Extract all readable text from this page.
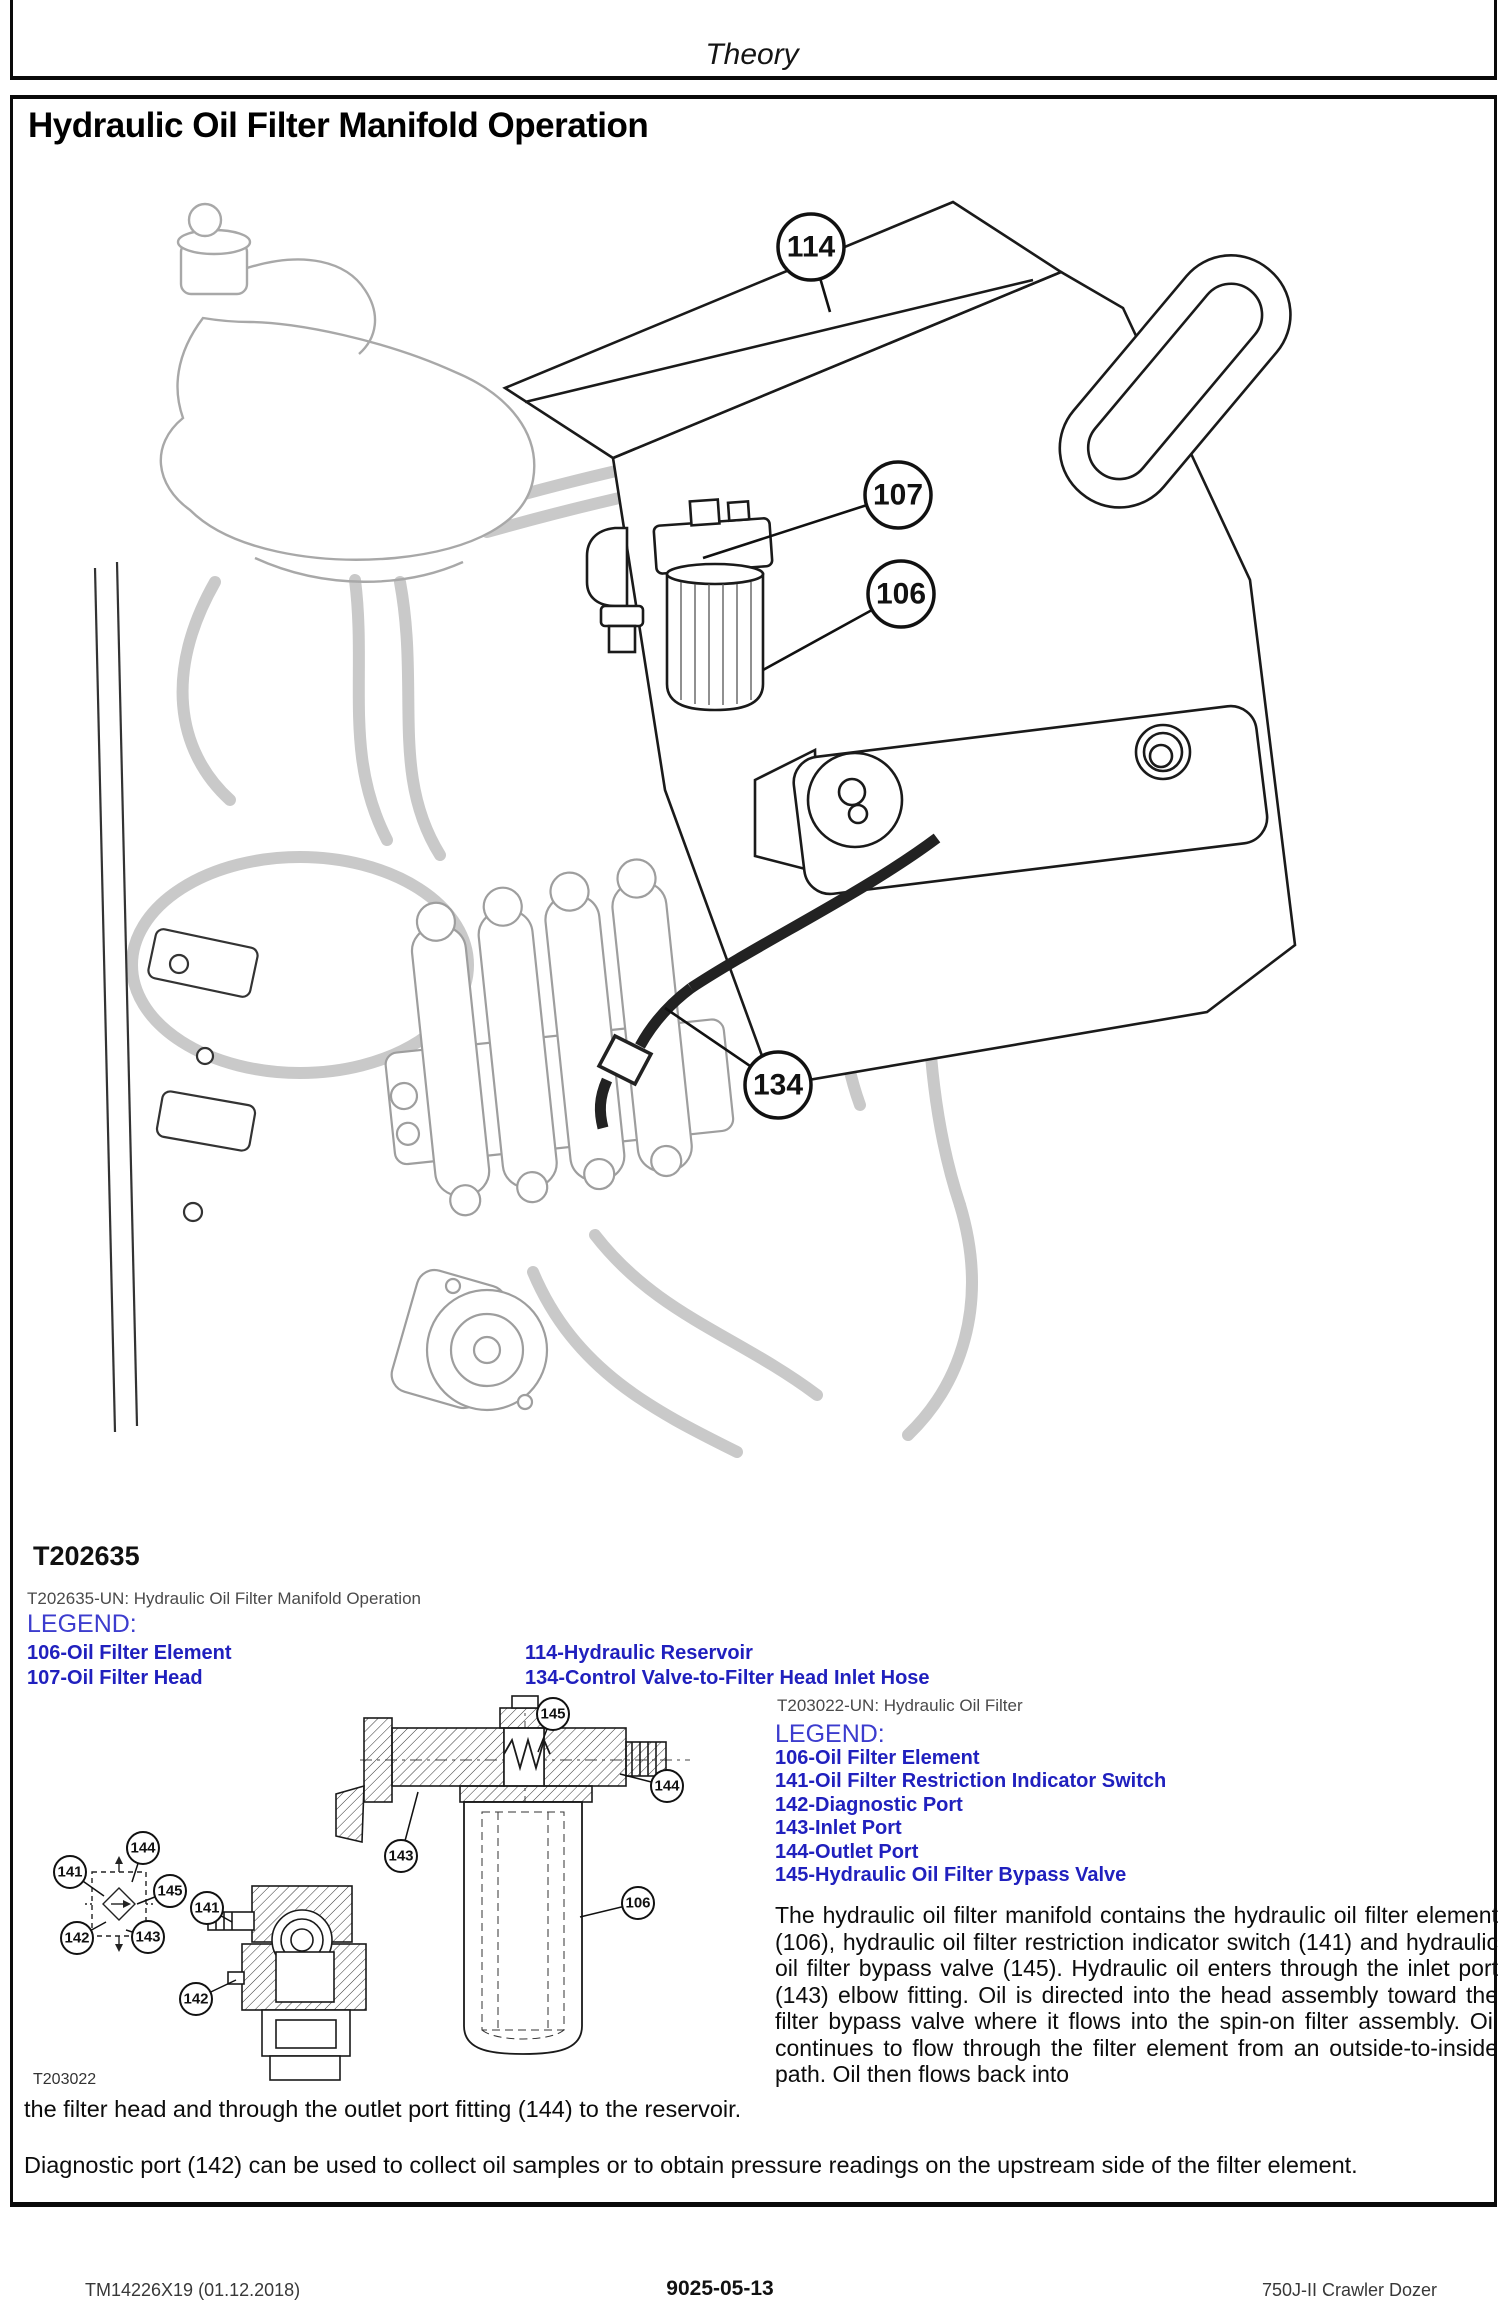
Theory
Hydraulic Oil Filter Manifold Operation
114
107
106
134
145
144
143
106
144
141
145
142	143
141
142
T202635
T202635-UN: Hydraulic Oil Filter Manifold Operation
LEGEND:
106-Oil Filter Element
107-Oil Filter Head
114-Hydraulic Reservoir
134-Control Valve-to-Filter Head Inlet Hose
T203022-UN: Hydraulic Oil Filter
LEGEND:
106-Oil Filter Element
141-Oil Filter Restriction Indicator Switch
142-Diagnostic Port
143-Inlet Port
144-Outlet Port
145-Hydraulic Oil Filter Bypass Valve
The hydraulic oil filter manifold contains the hydraulic oil filter element (106), hydraulic oil filter restriction indicator switch (141) and hydraulic oil filter bypass valve (145). Hydraulic oil enters through the inlet port (143) elbow fitting. Oil is directed into the head assembly toward the filter bypass valve where it flows into the spin-on filter assembly. Oil continues to flow through the filter element from an outside-to-inside path. Oil then flows back into
T203022
the filter head and through the outlet port fitting (144) to the reservoir.
Diagnostic port (142) can be used to collect oil samples or to obtain pressure readings on the upstream side of the filter element.
TM14226X19 (01.12.2018)	9025-05-13	750J-II Crawler Dozer
